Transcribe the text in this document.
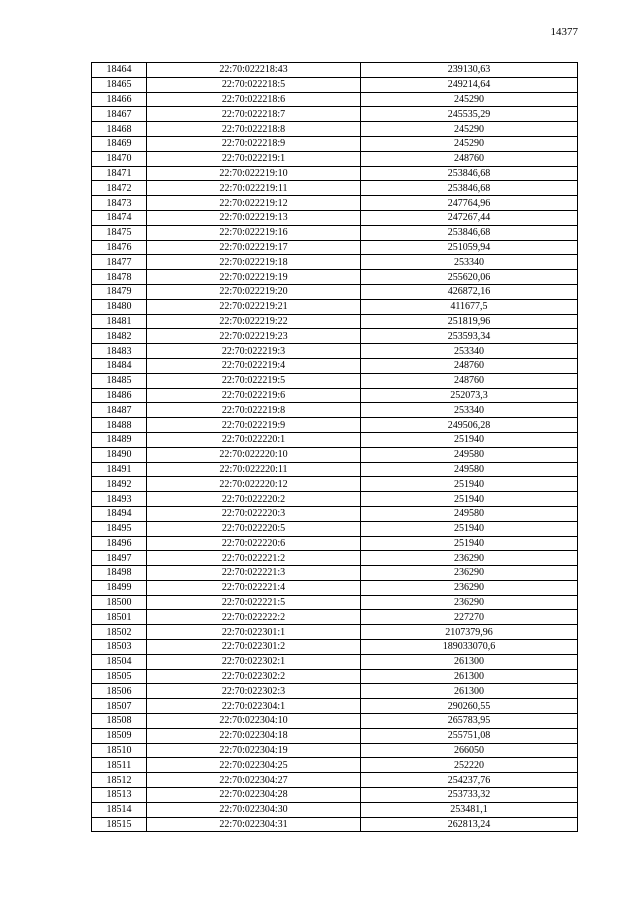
14377
18464	22:70:022218:43	239130,63
18465	22:70:022218:5	249214,64
18466	22:70:022218:6	245290
18467	22:70:022218:7	245535,29
18468	22:70:022218:8	245290
18469	22:70:022218:9	245290
18470	22:70:022219:1	248760
18471	22:70:022219:10	253846,68
18472	22:70:022219:11	253846,68
18473	22:70:022219:12	247764,96
18474	22:70:022219:13	247267,44
18475	22:70:022219:16	253846,68
18476	22:70:022219:17	251059,94
18477	22:70:022219:18	253340
18478	22:70:022219:19	255620,06
18479	22:70:022219:20	426872,16
18480	22:70:022219:21	411677,5
18481	22:70:022219:22	251819,96
18482	22:70:022219:23	253593,34
18483	22:70:022219:3	253340
18484	22:70:022219:4	248760
18485	22:70:022219:5	248760
18486	22:70:022219:6	252073,3
18487	22:70:022219:8	253340
18488	22:70:022219:9	249506,28
18489	22:70:022220:1	251940
18490	22:70:022220:10	249580
18491	22:70:022220:11	249580
18492	22:70:022220:12	251940
18493	22:70:022220:2	251940
18494	22:70:022220:3	249580
18495	22:70:022220:5	251940
18496	22:70:022220:6	251940
18497	22:70:022221:2	236290
18498	22:70:022221:3	236290
18499	22:70:022221:4	236290
18500	22:70:022221:5	236290
18501	22:70:022222:2	227270
18502	22:70:022301:1	2107379,96
18503	22:70:022301:2	189033070,6
18504	22:70:022302:1	261300
18505	22:70:022302:2	261300
18506	22:70:022302:3	261300
18507	22:70:022304:1	290260,55
18508	22:70:022304:10	265783,95
18509	22:70:022304:18	255751,08
18510	22:70:022304:19	266050
18511	22:70:022304:25	252220
18512	22:70:022304:27	254237,76
18513	22:70:022304:28	253733,32
18514	22:70:022304:30	253481,1
18515	22:70:022304:31	262813,24
